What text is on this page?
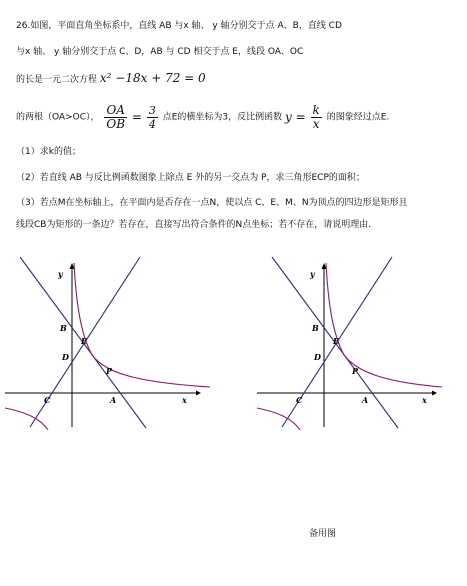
26.如图，平面直角坐标系中，直线 AB 与x 轴、 y 轴分别交于点 A、B，直线 CD
与x 轴、 y 轴分别交于点 C、D，AB 与 CD 相交于点 E，线段 OA、OC
的长是一元二次方程 x² −18x + 72 = 0
的两根（OA>OC）， $\frac{OA}{OB} = \frac{3}{4}$ 点E的横坐标为3，反比例函数 $y = \frac{k}{x}$ 的图象经过点E.
（1）求k的值；
（2）若直线 AB 与反比例函数图象上除点 E 外的另一交点为 P，求三角形ECP的面积；
（3）若点M在坐标轴上，在平面内是否存在一点N，使以点 C、E、M、N为顶点的四边形是矩形且
线段CB为矩形的一条边？若存在，直接写出符合条件的N点坐标；若不存在，请说明理由.
y
x
B
E
D
P
C	A
y
x
B
E
D
P
C	A
备用图
